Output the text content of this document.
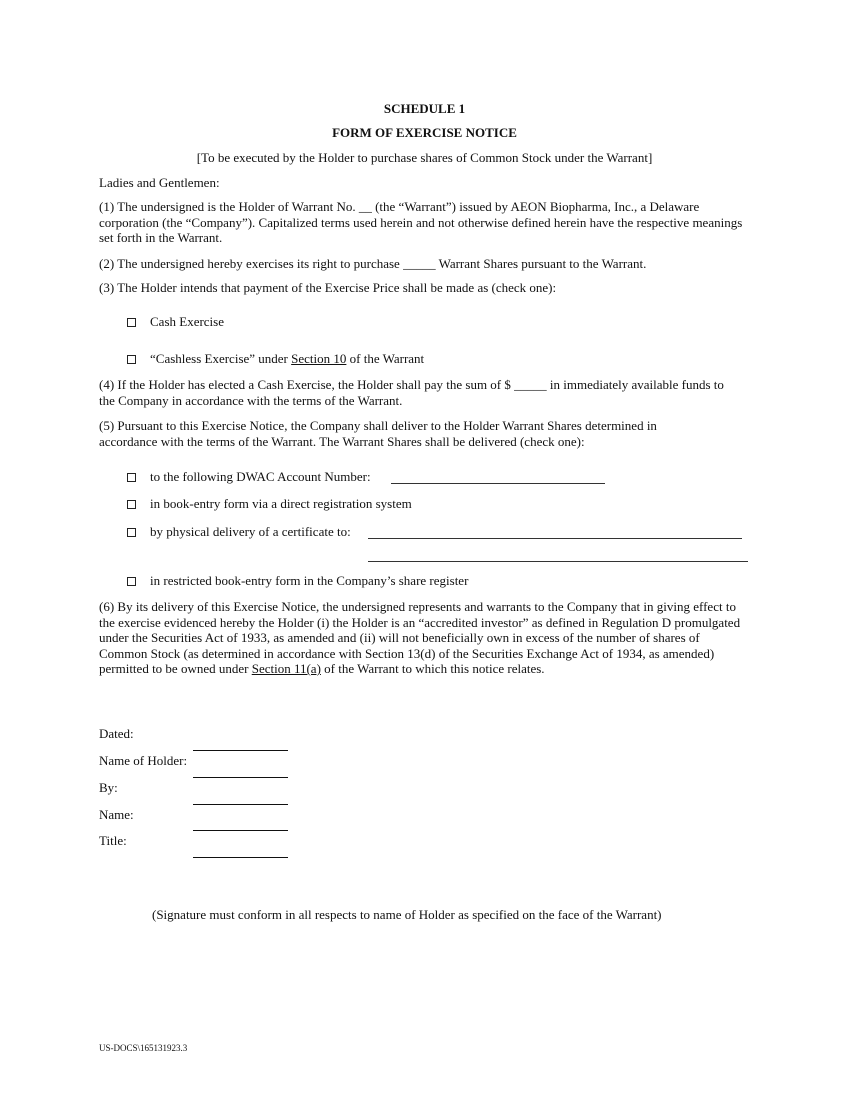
SCHEDULE 1
FORM OF EXERCISE NOTICE
[To be executed by the Holder to purchase shares of Common Stock under the Warrant]
Ladies and Gentlemen:
(1) The undersigned is the Holder of Warrant No. __ (the “Warrant”) issued by AEON Biopharma, Inc., a Delaware corporation (the “Company”). Capitalized terms used herein and not otherwise defined herein have the respective meanings set forth in the Warrant.
(2) The undersigned hereby exercises its right to purchase _____ Warrant Shares pursuant to the Warrant.
(3) The Holder intends that payment of the Exercise Price shall be made as (check one):
Cash Exercise
“Cashless Exercise” under Section 10 of the Warrant
(4) If the Holder has elected a Cash Exercise, the Holder shall pay the sum of $ _____ in immediately available funds to the Company in accordance with the terms of the Warrant.
(5) Pursuant to this Exercise Notice, the Company shall deliver to the Holder Warrant Shares determined in accordance with the terms of the Warrant. The Warrant Shares shall be delivered (check one):
to the following DWAC Account Number:
in book-entry form via a direct registration system
by physical delivery of a certificate to:
in restricted book-entry form in the Company’s share register
(6) By its delivery of this Exercise Notice, the undersigned represents and warrants to the Company that in giving effect to the exercise evidenced hereby the Holder (i) the Holder is an “accredited investor” as defined in Regulation D promulgated under the Securities Act of 1933, as amended and (ii) will not beneficially own in excess of the number of shares of Common Stock (as determined in accordance with Section 13(d) of the Securities Exchange Act of 1934, as amended) permitted to be owned under Section 11(a) of the Warrant to which this notice relates.
Dated:
Name of Holder:
By:
Name:
Title:
(Signature must conform in all respects to name of Holder as specified on the face of the Warrant)
US-DOCS\165131923.3
